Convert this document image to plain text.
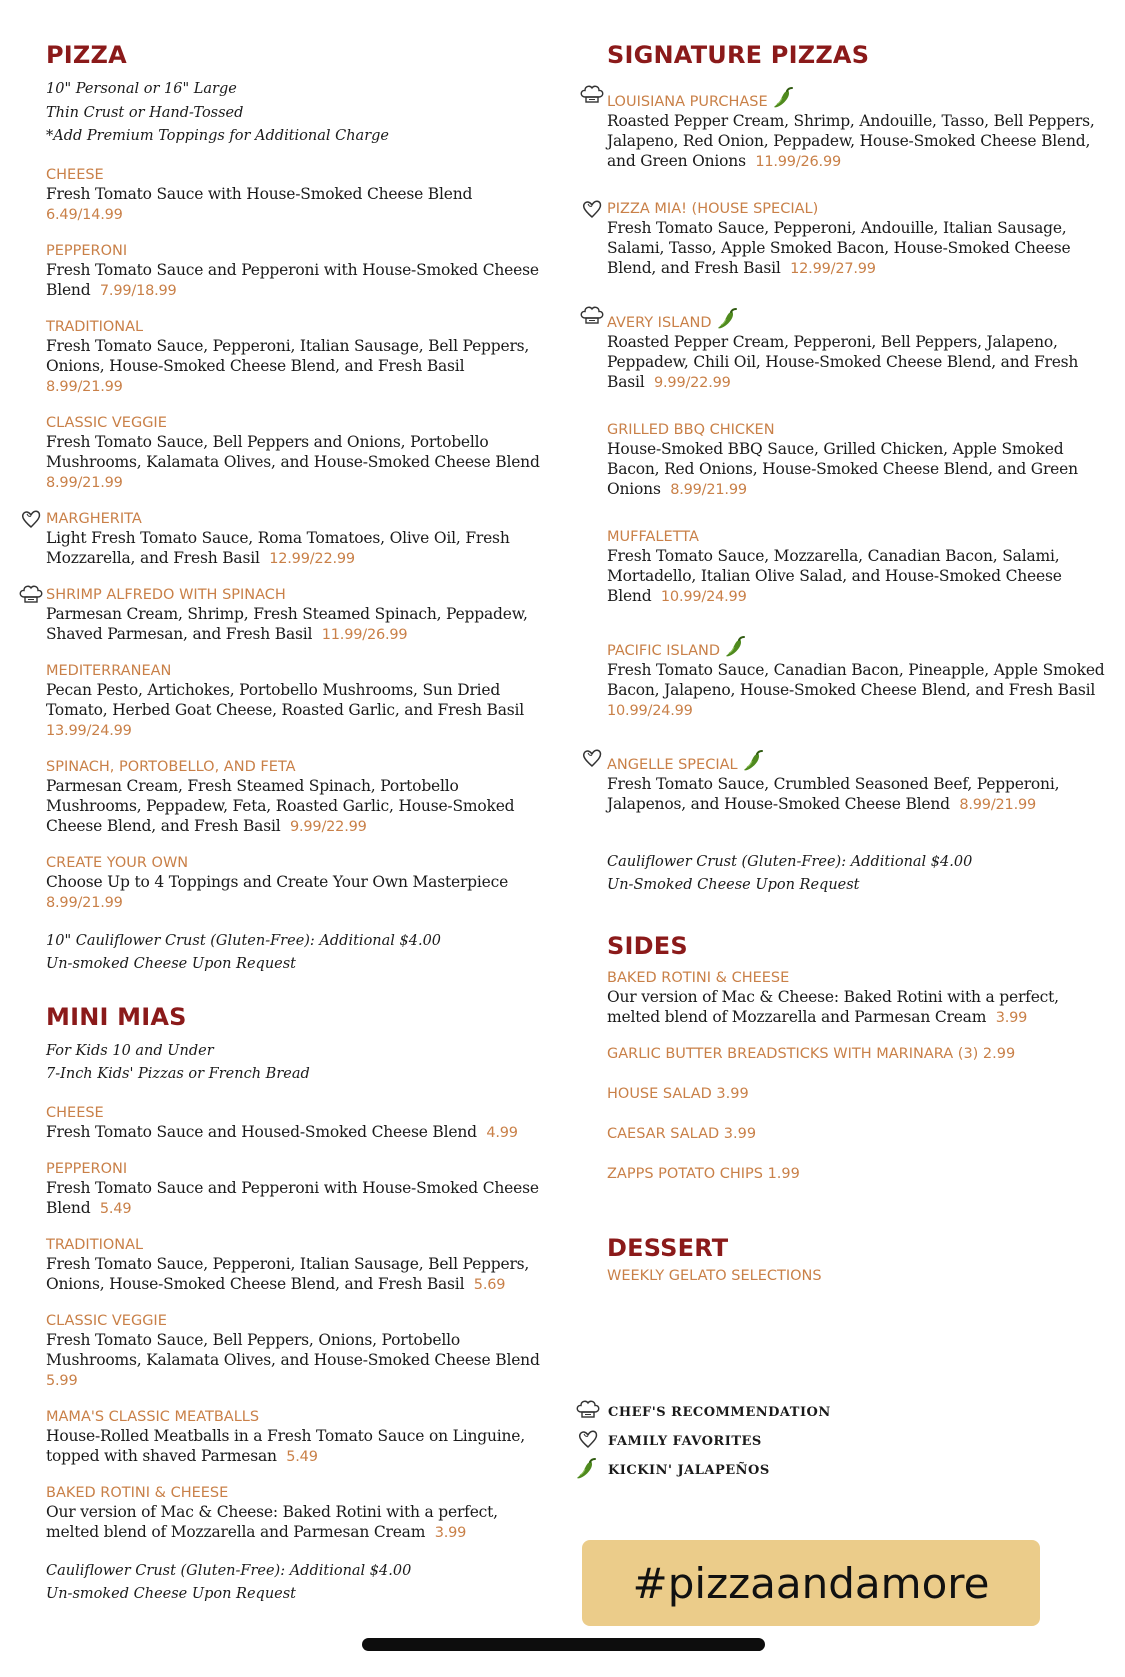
PIZZA
10" Personal or 16" Large
Thin Crust or Hand-Tossed
*Add Premium Toppings for Additional Charge
CHEESE
Fresh Tomato Sauce with House-Smoked Cheese Blend  6.49/14.99
PEPPERONI
Fresh Tomato Sauce and Pepperoni with House-Smoked Cheese Blend 7.99/18.99
TRADITIONAL
Fresh Tomato Sauce, Pepperoni, Italian Sausage, Bell Peppers, Onions, House-Smoked Cheese Blend, and Fresh Basil  8.99/21.99
CLASSIC VEGGIE
Fresh Tomato Sauce, Bell Peppers and Onions, Portobello Mushrooms, Kalamata Olives, and House-Smoked Cheese Blend  8.99/21.99
MARGHERITA
Light Fresh Tomato Sauce, Roma Tomatoes, Olive Oil, Fresh Mozzarella, and Fresh Basil 12.99/22.99
SHRIMP ALFREDO WITH SPINACH
Parmesan Cream, Shrimp, Fresh Steamed Spinach, Peppadew, Shaved Parmesan, and Fresh Basil 11.99/26.99
MEDITERRANEAN
Pecan Pesto, Artichokes, Portobello Mushrooms, Sun Dried Tomato, Herbed Goat Cheese, Roasted Garlic, and Fresh Basil  13.99/24.99
SPINACH, PORTOBELLO, AND FETA
Parmesan Cream, Fresh Steamed Spinach, Portobello Mushrooms, Peppadew, Feta, Roasted Garlic, House-Smoked Cheese Blend, and Fresh Basil 9.99/22.99
CREATE YOUR OWN
Choose Up to 4 Toppings and Create Your Own Masterpiece  8.99/21.99
10" Cauliflower Crust (Gluten-Free): Additional $4.00
Un-smoked Cheese Upon Request
MINI MIAS
For Kids 10 and Under
7-Inch Kids' Pizzas or French Bread
CHEESE
Fresh Tomato Sauce and Housed-Smoked Cheese Blend 4.99
PEPPERONI
Fresh Tomato Sauce and Pepperoni with House-Smoked Cheese Blend 5.49
TRADITIONAL
Fresh Tomato Sauce, Pepperoni, Italian Sausage, Bell Peppers, Onions, House-Smoked Cheese Blend, and Fresh Basil 5.69
CLASSIC VEGGIE
Fresh Tomato Sauce, Bell Peppers, Onions, Portobello Mushrooms, Kalamata Olives, and House-Smoked Cheese Blend  5.99
MAMA'S CLASSIC MEATBALLS
House-Rolled Meatballs in a Fresh Tomato Sauce on Linguine, topped with shaved Parmesan 5.49
BAKED ROTINI & CHEESE
Our version of Mac & Cheese: Baked Rotini with a perfect, melted blend of Mozzarella and Parmesan Cream 3.99
Cauliflower Crust (Gluten-Free): Additional $4.00
Un-smoked Cheese Upon Request
SIGNATURE PIZZAS
LOUISIANA PURCHASE
Roasted Pepper Cream, Shrimp, Andouille, Tasso, Bell Peppers, Jalapeno, Red Onion, Peppadew, House-Smoked Cheese Blend, and Green Onions 11.99/26.99
PIZZA MIA! (HOUSE SPECIAL)
Fresh Tomato Sauce, Pepperoni, Andouille, Italian Sausage, Salami, Tasso, Apple Smoked Bacon, House-Smoked Cheese Blend, and Fresh Basil 12.99/27.99
AVERY ISLAND
Roasted Pepper Cream, Pepperoni, Bell Peppers, Jalapeno, Peppadew, Chili Oil, House-Smoked Cheese Blend, and Fresh Basil 9.99/22.99
GRILLED BBQ CHICKEN
House-Smoked BBQ Sauce, Grilled Chicken, Apple Smoked Bacon, Red Onions, House-Smoked Cheese Blend, and Green Onions 8.99/21.99
MUFFALETTA
Fresh Tomato Sauce, Mozzarella, Canadian Bacon, Salami, Mortadello, Italian Olive Salad, and House-Smoked Cheese Blend 10.99/24.99
PACIFIC ISLAND
Fresh Tomato Sauce, Canadian Bacon, Pineapple, Apple Smoked Bacon, Jalapeno, House-Smoked Cheese Blend, and Fresh Basil  10.99/24.99
ANGELLE SPECIAL
Fresh Tomato Sauce, Crumbled Seasoned Beef, Pepperoni, Jalapenos, and House-Smoked Cheese Blend 8.99/21.99
Cauliflower Crust (Gluten-Free): Additional $4.00
Un-Smoked Cheese Upon Request
SIDES
BAKED ROTINI & CHEESE
Our version of Mac & Cheese: Baked Rotini with a perfect, melted blend of Mozzarella and Parmesan Cream 3.99
GARLIC BUTTER BREADSTICKS WITH MARINARA (3) 2.99
HOUSE SALAD 3.99
CAESAR SALAD 3.99
ZAPPS POTATO CHIPS 1.99
DESSERT
WEEKLY GELATO SELECTIONS
CHEF'S RECOMMENDATION
FAMILY FAVORITES
KICKIN' JALAPEÑOS
#pizzaandamore
